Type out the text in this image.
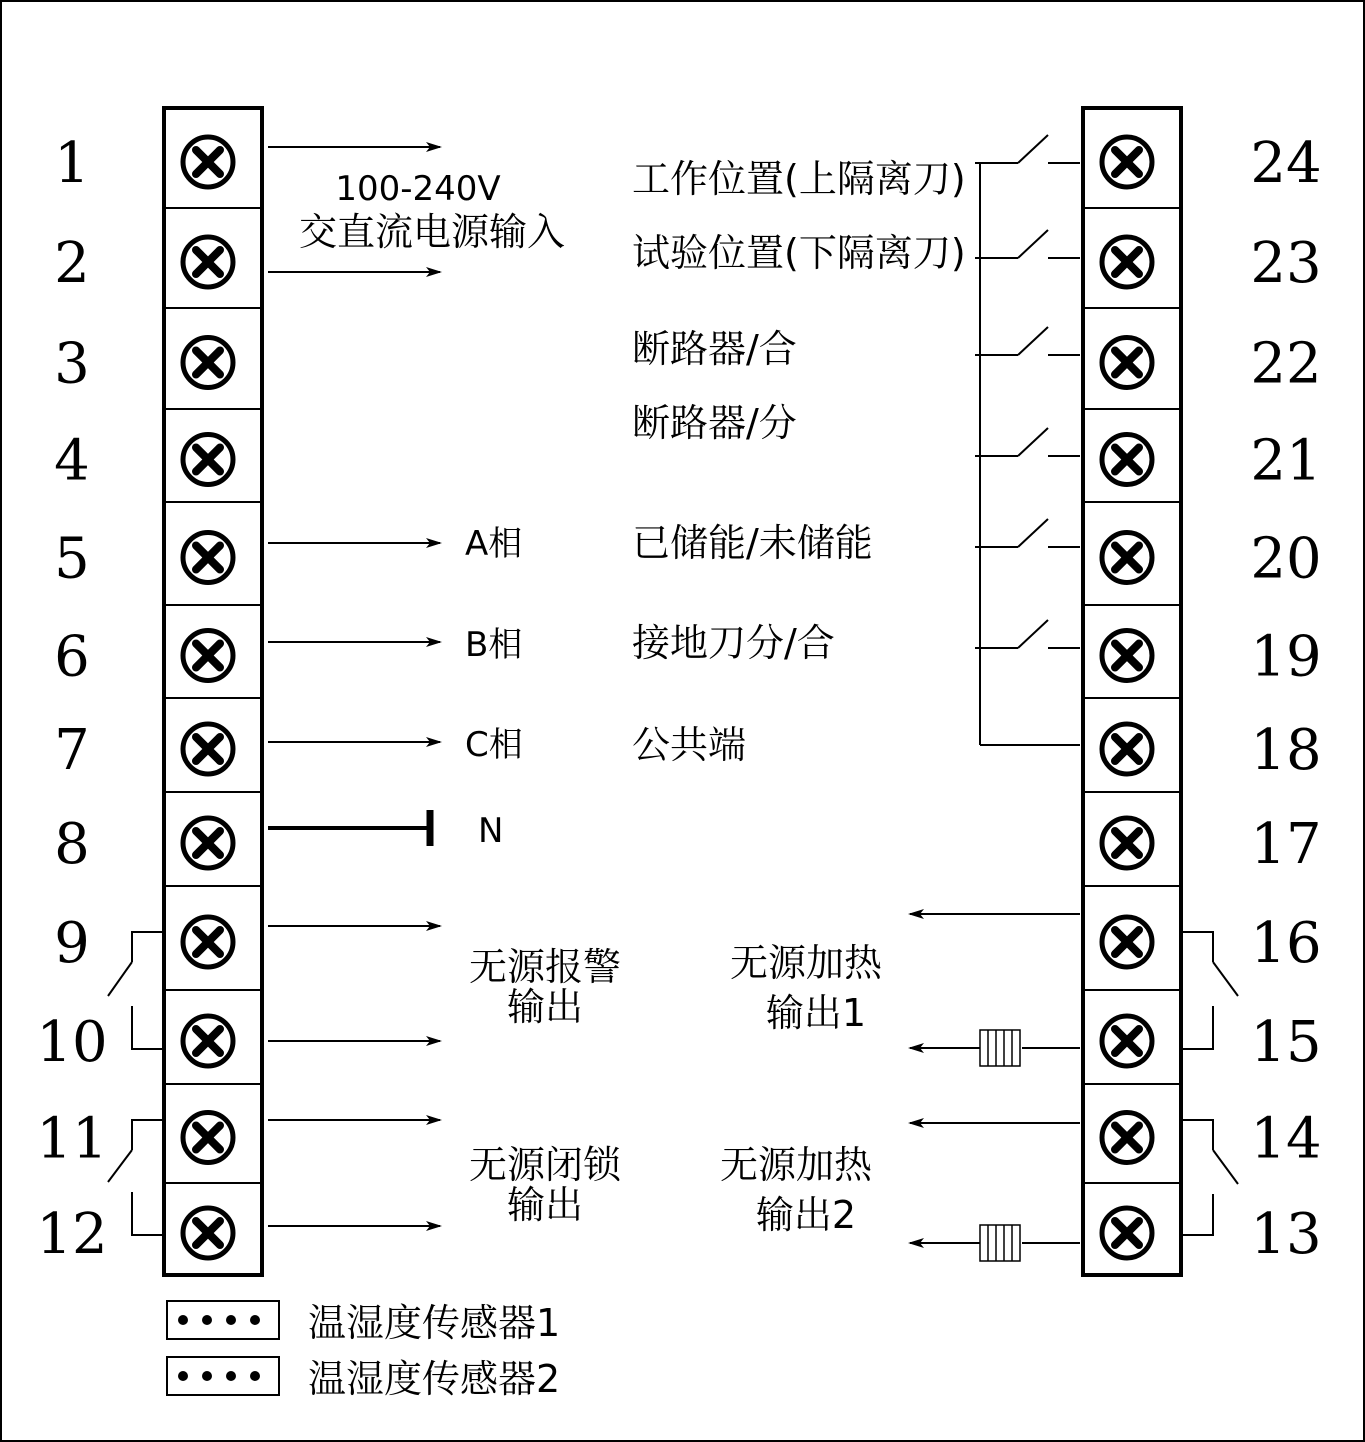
1
2
3
4
5
6
7
8
9
10
11
12
24
23
22
21
20
19
18
17
16
15
14
13
100-240V
交直流电源输入
A相
B相
C相
N
无源报警
输出
无源闭锁
输出
工作位置(上隔离刀)
试验位置(下隔离刀)
断路器/合
断路器/分
已储能/未储能
接地刀分/合
公共端
无源加热
输出1
无源加热
输出2
温湿度传感器1
温湿度传感器2
